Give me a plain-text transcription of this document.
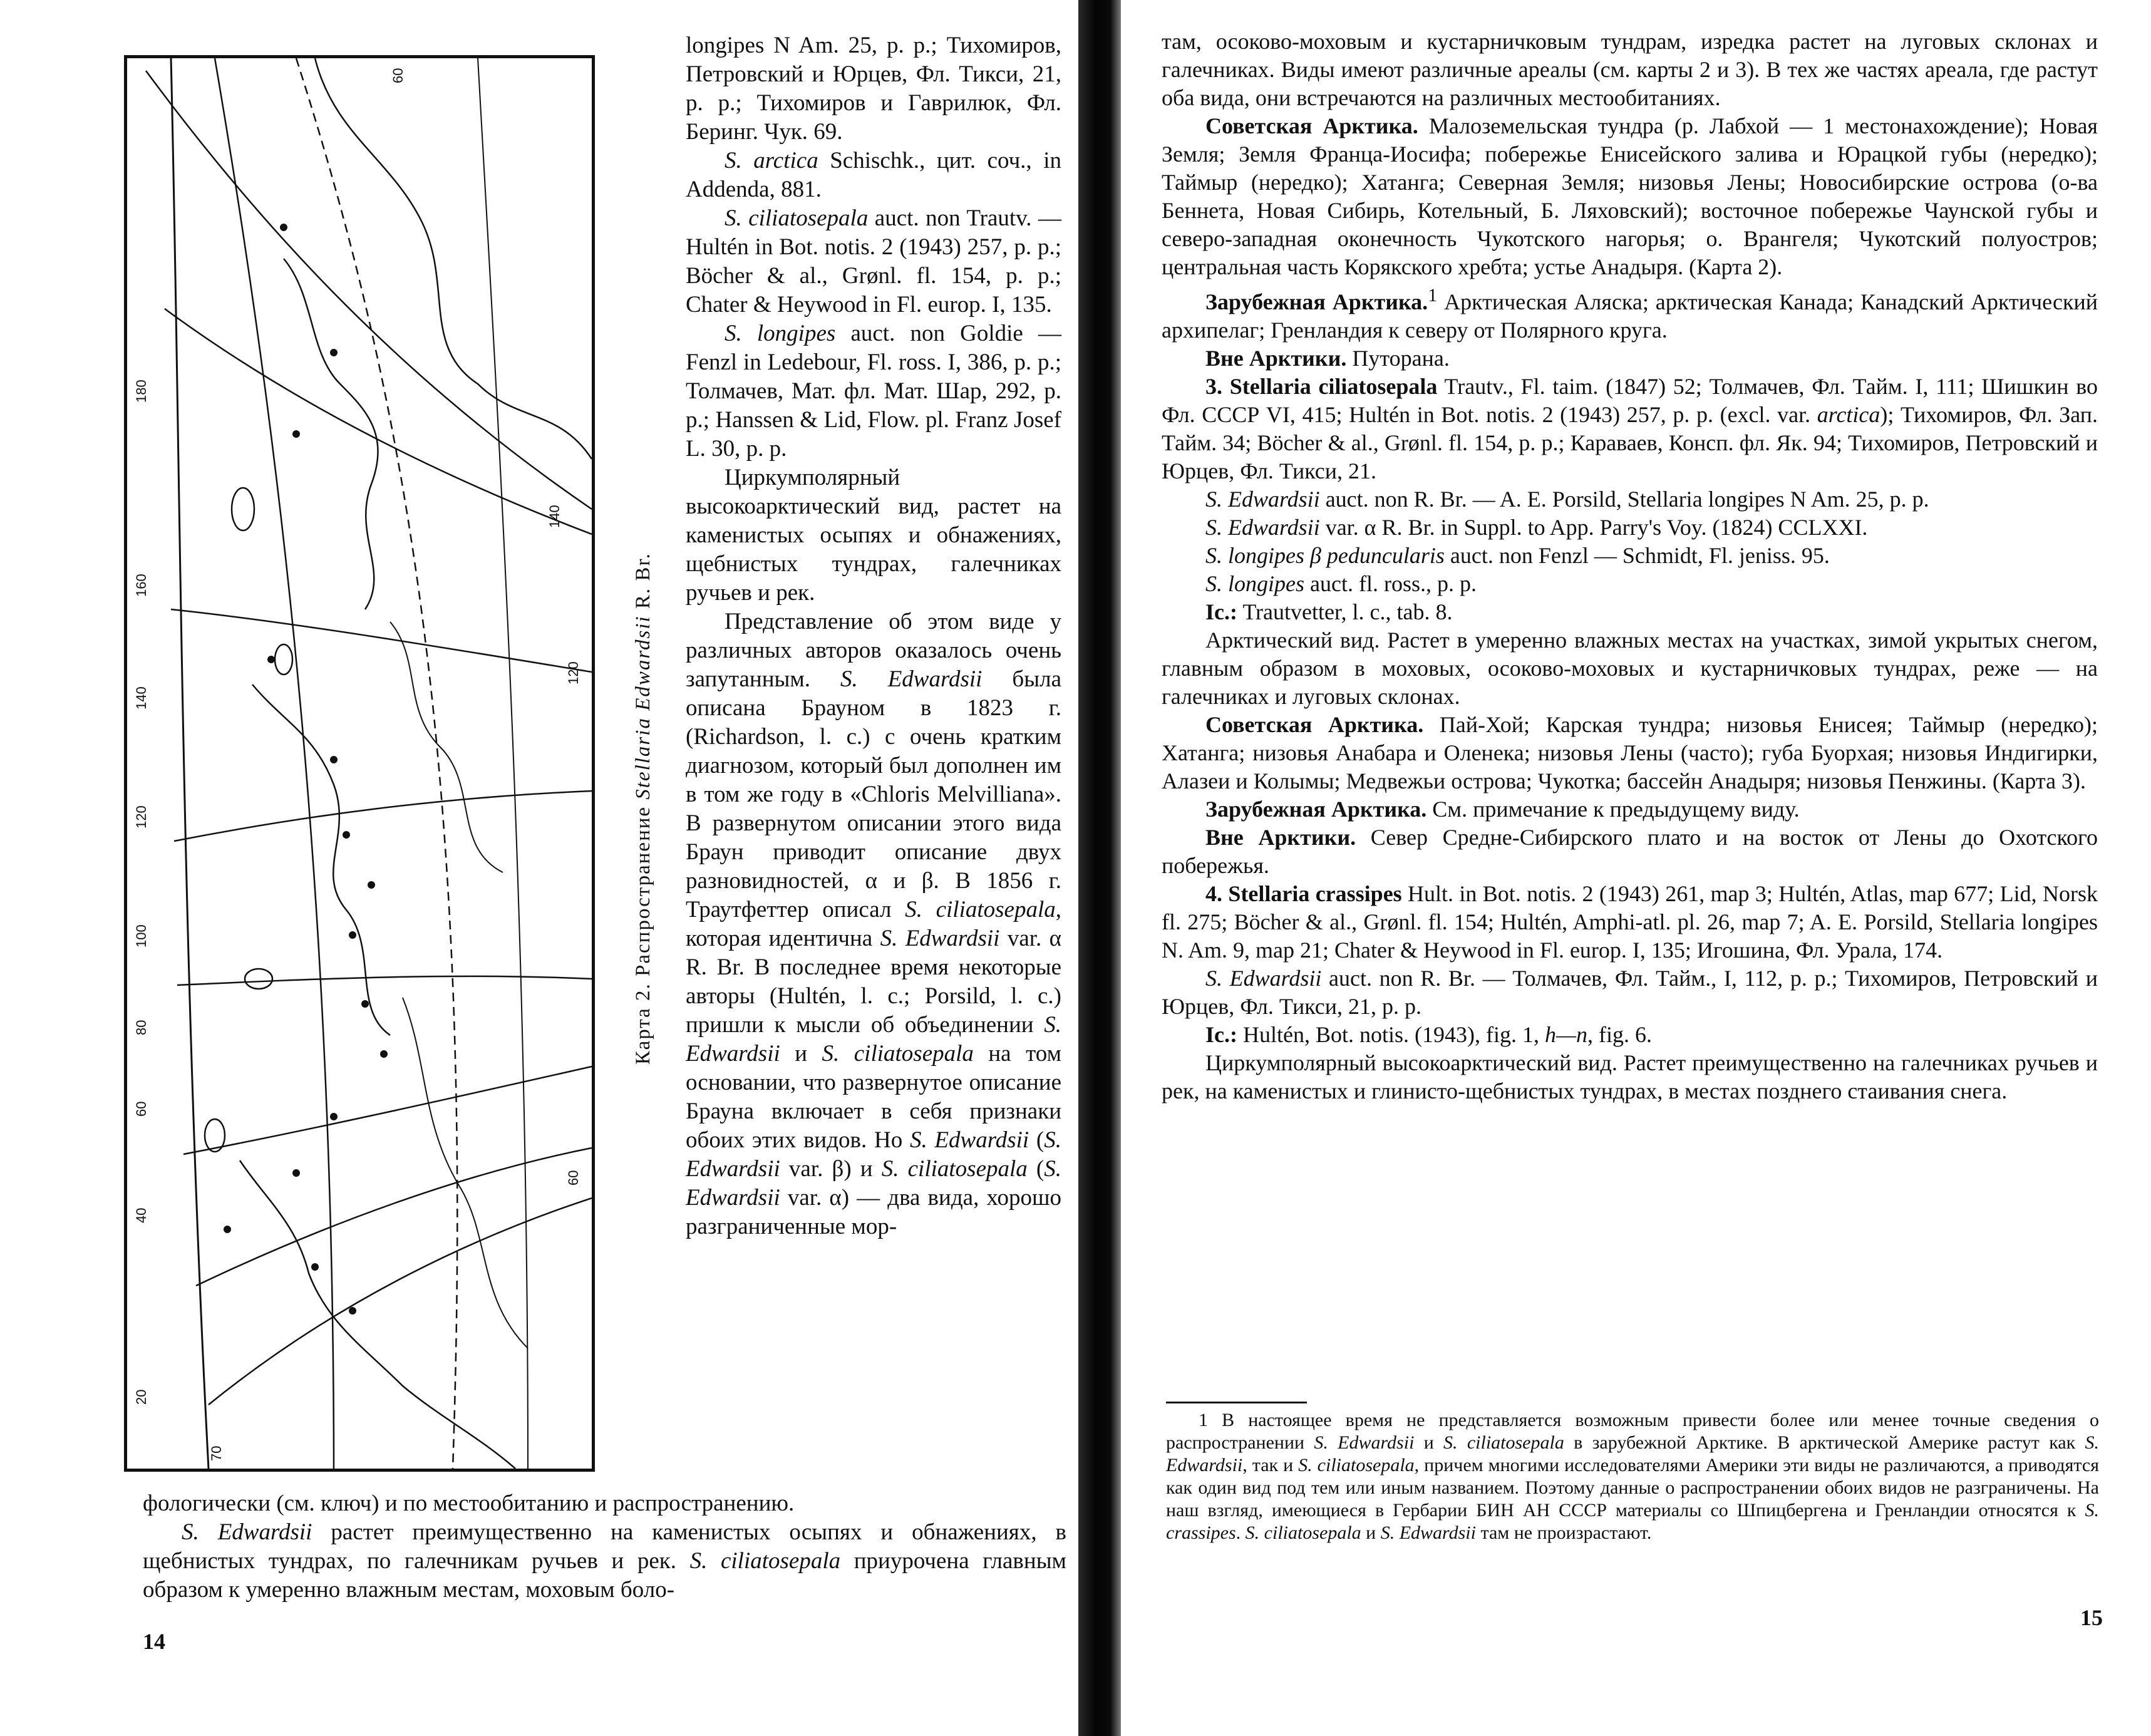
60
180
160
140
120
100
80
60
40
20
70
140
120
60
Карта 2. Распространение Stellaria Edwardsii R. Br.

longipes N Am. 25, p. p.; Тихомиров, Петровский и Юрцев, Фл. Тикси, 21, p. p.; Тихомиров и Гаврилюк, Фл. Беринг. Чук. 69.

S. arctica Schischk., цит. соч., in Addenda, 881.

S. ciliatosepala auct. non Trautv. — Hultén in Bot. notis. 2 (1943) 257, p. p.; Böcher & al., Grønl. fl. 154, p. p.; Chater & Heywood in Fl. europ. I, 135.

S. longipes auct. non Goldie — Fenzl in Ledebour, Fl. ross. I, 386, p. p.; Толмачев, Мат. фл. Мат. Шар, 292, p. p.; Hanssen & Lid, Flow. pl. Franz Josef L. 30, p. p.

Циркумполярный высокоарктический вид, растет на каменистых осыпях и обнажениях, щебнистых тундрах, галечниках ручьев и рек.

Представление об этом виде у различных авторов оказалось очень запутанным. S. Edwardsii была описана Брауном в 1823 г. (Richardson, l. c.) с очень кратким диагнозом, который был дополнен им в том же году в «Chloris Melvilliana». В развернутом описании этого вида Браун приводит описание двух разновидностей, α и β. В 1856 г. Траутфеттер описал S. ciliatosepala, которая идентична S. Edwardsii var. α R. Br. В последнее время некоторые авторы (Hultén, l. c.; Porsild, l. c.) пришли к мысли об объединении S. Edwardsii и S. ciliatosepala на том основании, что развернутое описание Брауна включает в себя признаки обоих этих видов. Но S. Edwardsii (S. Edwardsii var. β) и S. ciliatosepala (S. Edwardsii var. α) — два вида, хорошо разграниченные мор-

фологически (см. ключ) и по местообитанию и распространению.

S. Edwardsii растет преимущественно на каменистых осыпях и обнажениях, в щебнистых тундрах, по галечникам ручьев и рек. S. ciliatosepala приурочена главным образом к умеренно влажным местам, моховым боло-

14

там, осоково-моховым и кустарничковым тундрам, изредка растет на луговых склонах и галечниках. Виды имеют различные ареалы (см. карты 2 и 3). В тех же частях ареала, где растут оба вида, они встречаются на различных местообитаниях.

Советская Арктика. Малоземельская тундра (р. Лабхой — 1 местонахождение); Новая Земля; Земля Франца-Иосифа; побережье Енисейского залива и Юрацкой губы (нередко); Таймыр (нередко); Хатанга; Северная Земля; низовья Лены; Новосибирские острова (о-ва Беннета, Новая Сибирь, Котельный, Б. Ляховский); восточное побережье Чаунской губы и северо-западная оконечность Чукотского нагорья; о. Врангеля; Чукотский полуостров; центральная часть Корякского хребта; устье Анадыря. (Карта 2).

Зарубежная Арктика.$^1$ Арктическая Аляска; арктическая Канада; Канадский Арктический архипелаг; Гренландия к северу от Полярного круга.

Вне Арктики. Путорана.

3. Stellaria ciliatosepala Trautv., Fl. taim. (1847) 52; Толмачев, Фл. Тайм. I, 111; Шишкин во Фл. СССР VI, 415; Hultén in Bot. notis. 2 (1943) 257, p. p. (excl. var. arctica); Тихомиров, Фл. Зап. Тайм. 34; Böcher & al., Grønl. fl. 154, p. p.; Караваев, Консп. фл. Як. 94; Тихомиров, Петровский и Юрцев, Фл. Тикси, 21.

S. Edwardsii auct. non R. Br. — A. E. Porsild, Stellaria longipes N Am. 25, p. p.

S. Edwardsii var. α R. Br. in Suppl. to App. Parry's Voy. (1824) CCLXXI.

S. longipes β peduncularis auct. non Fenzl — Schmidt, Fl. jeniss. 95.

S. longipes auct. fl. ross., p. p.

Ic.: Trautvetter, l. c., tab. 8.

Арктический вид. Растет в умеренно влажных местах на участках, зимой укрытых снегом, главным образом в моховых, осоково-моховых и кустарничковых тундрах, реже — на галечниках и луговых склонах.

Советская Арктика. Пай-Хой; Карская тундра; низовья Енисея; Таймыр (нередко); Хатанга; низовья Анабара и Оленека; низовья Лены (часто); губа Буорхая; низовья Индигирки, Алазеи и Колымы; Медвежьи острова; Чукотка; бассейн Анадыря; низовья Пенжины. (Карта 3).

Зарубежная Арктика. См. примечание к предыдущему виду.

Вне Арктики. Север Средне-Сибирского плато и на восток от Лены до Охотского побережья.

4. Stellaria crassipes Hult. in Bot. notis. 2 (1943) 261, map 3; Hultén, Atlas, map 677; Lid, Norsk fl. 275; Böcher & al., Grønl. fl. 154; Hultén, Amphi-atl. pl. 26, map 7; A. E. Porsild, Stellaria longipes N. Am. 9, map 21; Chater & Heywood in Fl. europ. I, 135; Игошина, Фл. Урала, 174.

S. Edwardsii auct. non R. Br. — Толмачев, Фл. Тайм., I, 112, p. p.; Тихомиров, Петровский и Юрцев, Фл. Тикси, 21, p. p.

Ic.: Hultén, Bot. notis. (1943), fig. 1, h—n, fig. 6.

Циркумполярный высокоарктический вид. Растет преимущественно на галечниках ручьев и рек, на каменистых и глинисто-щебнистых тундрах, в местах позднего стаивания снега.

1 В настоящее время не представляется возможным привести более или менее точные сведения о распространении S. Edwardsii и S. ciliatosepala в зарубежной Арктике. В арктической Америке растут как S. Edwardsii, так и S. ciliatosepala, причем многими исследователями Америки эти виды не различаются, а приводятся как один вид под тем или иным названием. Поэтому данные о распространении обоих видов не разграничены. На наш взгляд, имеющиеся в Гербарии БИН АН СССР материалы со Шпицбергена и Гренландии относятся к S. crassipes. S. ciliatosepala и S. Edwardsii там не произрастают.

15
